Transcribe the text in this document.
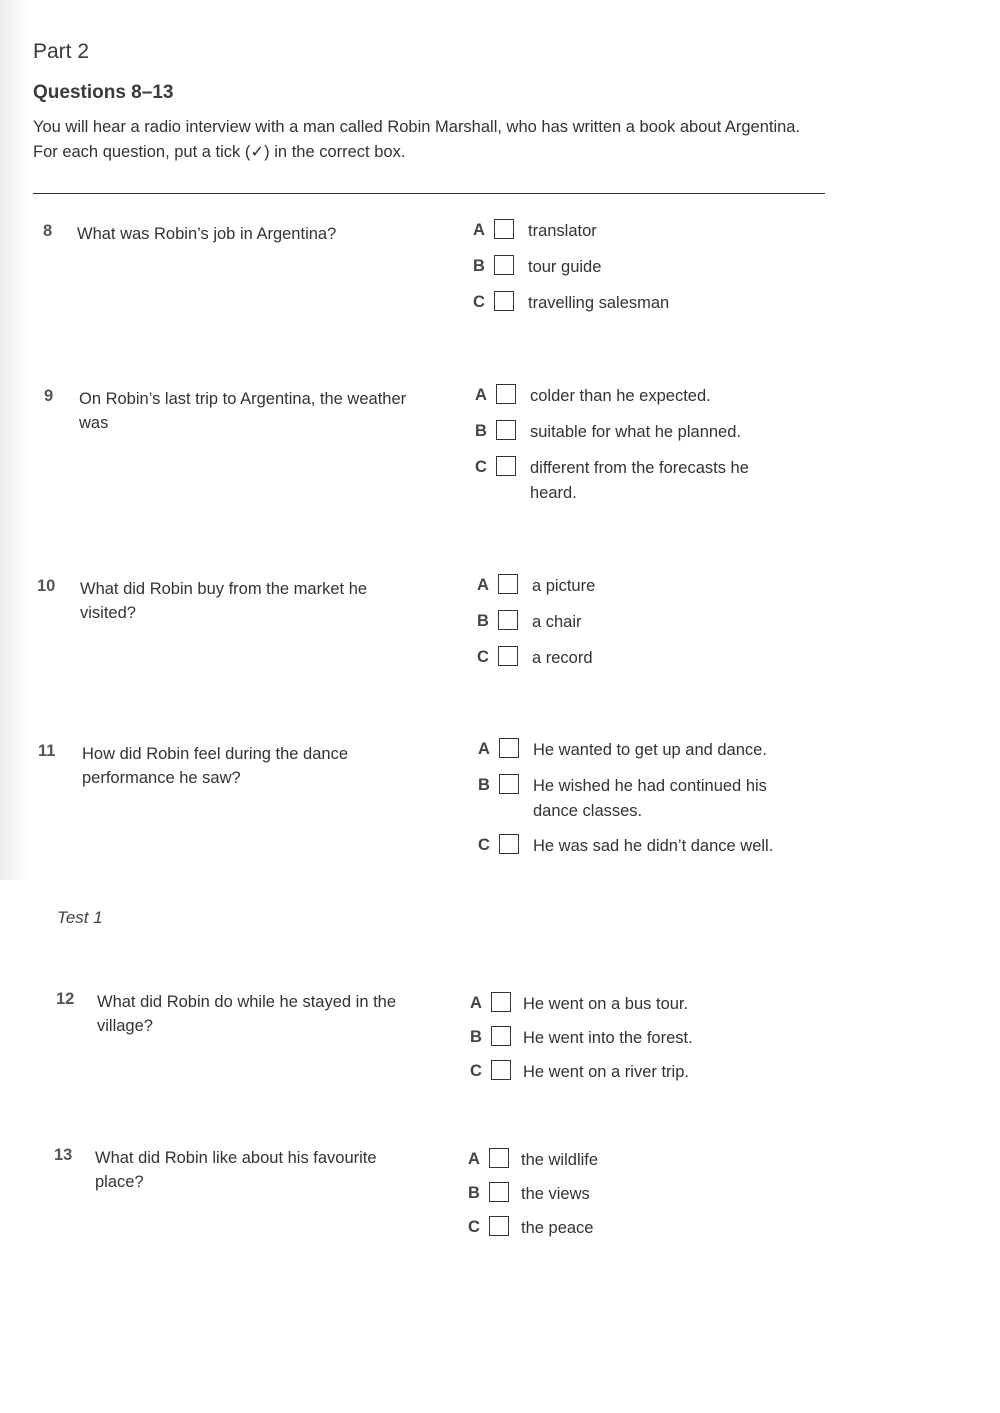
Part 2
Questions 8–13
You will hear a radio interview with a man called Robin Marshall, who has written a book about Argentina.
For each question, put a tick (✓) in the correct box.
8 What was Robin’s job in Argentina?	A	translator
B	tour guide
C	travelling salesman
9 On Robin’s last trip to Argentina, the weather was
A	colder than he expected.
B	suitable for what he planned.
C	different from the forecasts he heard.
10 What did Robin buy from the market he visited?
A	a picture
B	a chair
C	a record
11 How did Robin feel during the dance performance he saw?
A	He wanted to get up and dance.
B	He wished he had continued his dance classes.
C	He was sad he didn’t dance well.
Test 1
12 What did Robin do while he stayed in the village?
A He went on a bus tour.
B He went into the forest.
C He went on a river trip.
13 What did Robin like about his favourite place?
A the wildlife
B the views
C the peace
